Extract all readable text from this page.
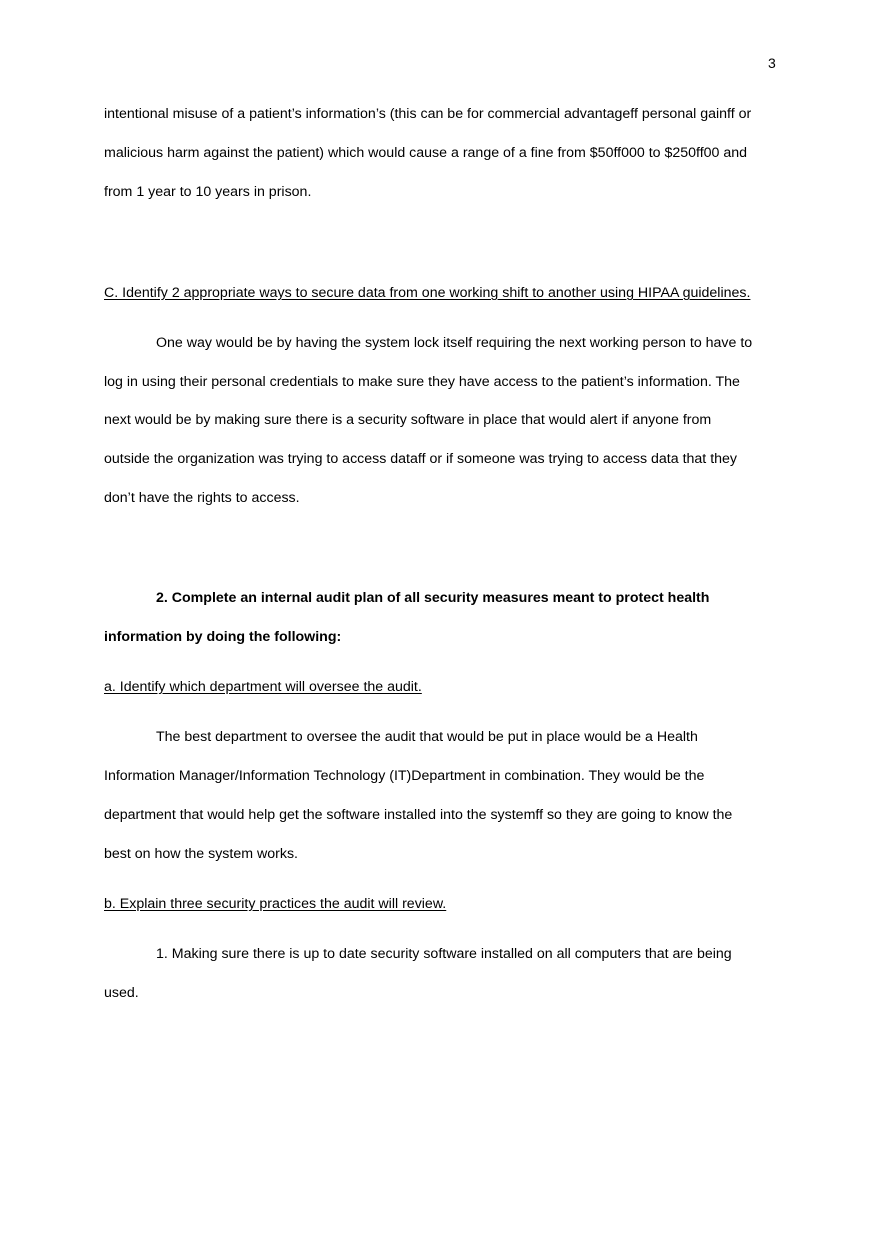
3
intentional misuse of a patient’s information’s (this can be for commercial advantageff personal gainff or
malicious harm against the patient) which would cause a range of a fine from $50ff000 to $250ff00 and
from 1 year to 10 years in prison.
C. Identify 2 appropriate ways to secure data from one working shift to another using HIPAA guidelines.
One way would be by having the system lock itself requiring the next working person to have to
log in using their personal credentials to make sure they have access to the patient’s information. The
next would be by making sure there is a security software in place that would alert if anyone from
outside the organization was trying to access dataff or if someone was trying to access data that they
don’t have the rights to access.
2. Complete an internal audit plan of all security measures meant to protect health
information by doing the following:
a. Identify which department will oversee the audit.
The best department to oversee the audit that would be put in place would be a Health
Information Manager/Information Technology (IT)Department in combination. They would be the
department that would help get the software installed into the systemff so they are going to know the
best on how the system works.
b. Explain three security practices the audit will review.
1. Making sure there is up to date security software installed on all computers that are being
used.
